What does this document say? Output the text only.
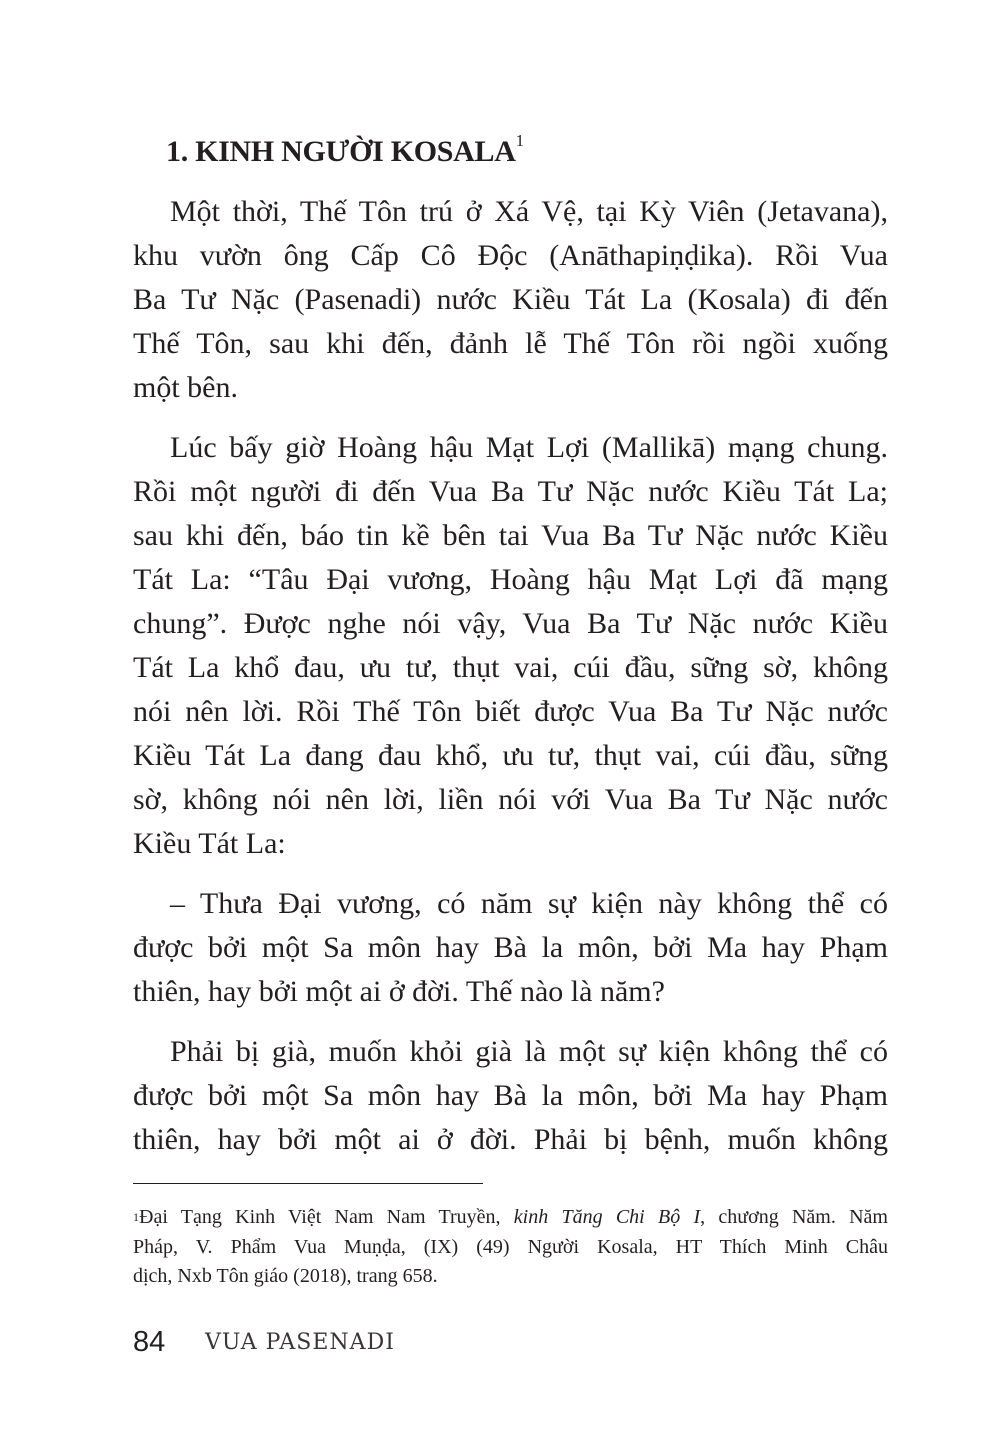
1. KINH NGƯỜI KOSALA$^1$
Một thời, Thế Tôn trú ở Xá Vệ, tại Kỳ Viên (Jetavana),
khu vườn ông Cấp Cô Độc (Anāthapiṇḍika). Rồi Vua
Ba Tư Nặc (Pasenadi) nước Kiều Tát La (Kosala) đi đến
Thế Tôn, sau khi đến, đảnh lễ Thế Tôn rồi ngồi xuống
một bên.
Lúc bấy giờ Hoàng hậu Mạt Lợi (Mallikā) mạng chung.
Rồi một người đi đến Vua Ba Tư Nặc nước Kiều Tát La;
sau khi đến, báo tin kề bên tai Vua Ba Tư Nặc nước Kiều
Tát La: “Tâu Đại vương, Hoàng hậu Mạt Lợi đã mạng
chung”. Được nghe nói vậy, Vua Ba Tư Nặc nước Kiều
Tát La khổ đau, ưu tư, thụt vai, cúi đầu, sững sờ, không
nói nên lời. Rồi Thế Tôn biết được Vua Ba Tư Nặc nước
Kiều Tát La đang đau khổ, ưu tư, thụt vai, cúi đầu, sững
sờ, không nói nên lời, liền nói với Vua Ba Tư Nặc nước
Kiều Tát La:
– Thưa Đại vương, có năm sự kiện này không thể có
được bởi một Sa môn hay Bà la môn, bởi Ma hay Phạm
thiên, hay bởi một ai ở đời. Thế nào là năm?
Phải bị già, muốn khỏi già là một sự kiện không thể có
được bởi một Sa môn hay Bà la môn, bởi Ma hay Phạm
thiên, hay bởi một ai ở đời. Phải bị bệnh, muốn không
$^1$Đại Tạng Kinh Việt Nam Nam Truyền, kinh Tăng Chi Bộ I, chương Năm. Năm
Pháp, V. Phẩm Vua Muṇḍa, (IX) (49) Người Kosala, HT Thích Minh Châu
dịch, Nxb Tôn giáo (2018), trang 658.
84 VUA PASENADI
